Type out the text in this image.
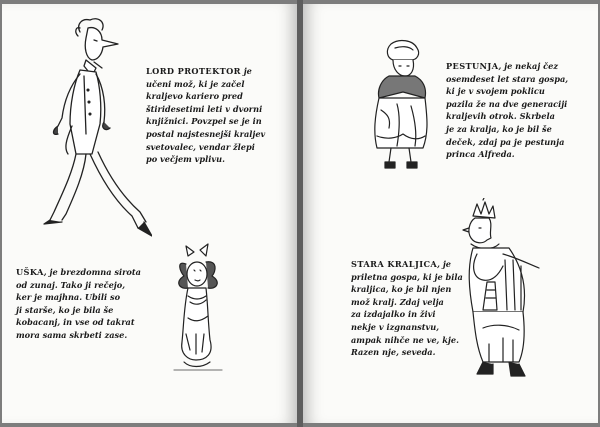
LORD PROTEKTOR je
učeni mož, ki je začel
kraljevo kariero pred
štiridesetimi leti v dvorni
knjižnici. Povzpel se je in
postal najstesnejši kraljev
svetovalec, vendar žlepi
po večjem vplivu.
UŠKA, je brezdomna sirota
od zunaj. Tako ji rečejo,
ker je majhna. Ubili so
ji starše, ko je bila še
kobacanj, in vse od takrat
mora sama skrbeti zase.
PESTUNJA, je nekaj čez
osemdeset let stara gospa,
ki je v svojem poklicu
pazila že na dve generaciji
kraljevih otrok. Skrbela
je za kralja, ko je bil še
deček, zdaj pa je pestunja
princa Alfreda.
STARA KRALJICA, je
priletna gospa, ki je bila
kraljica, ko je bil njen
mož kralj. Zdaj velja
za izdajalko in živi
nekje v izgnanstvu,
ampak nihče ne ve, kje.
Razen nje, seveda.
